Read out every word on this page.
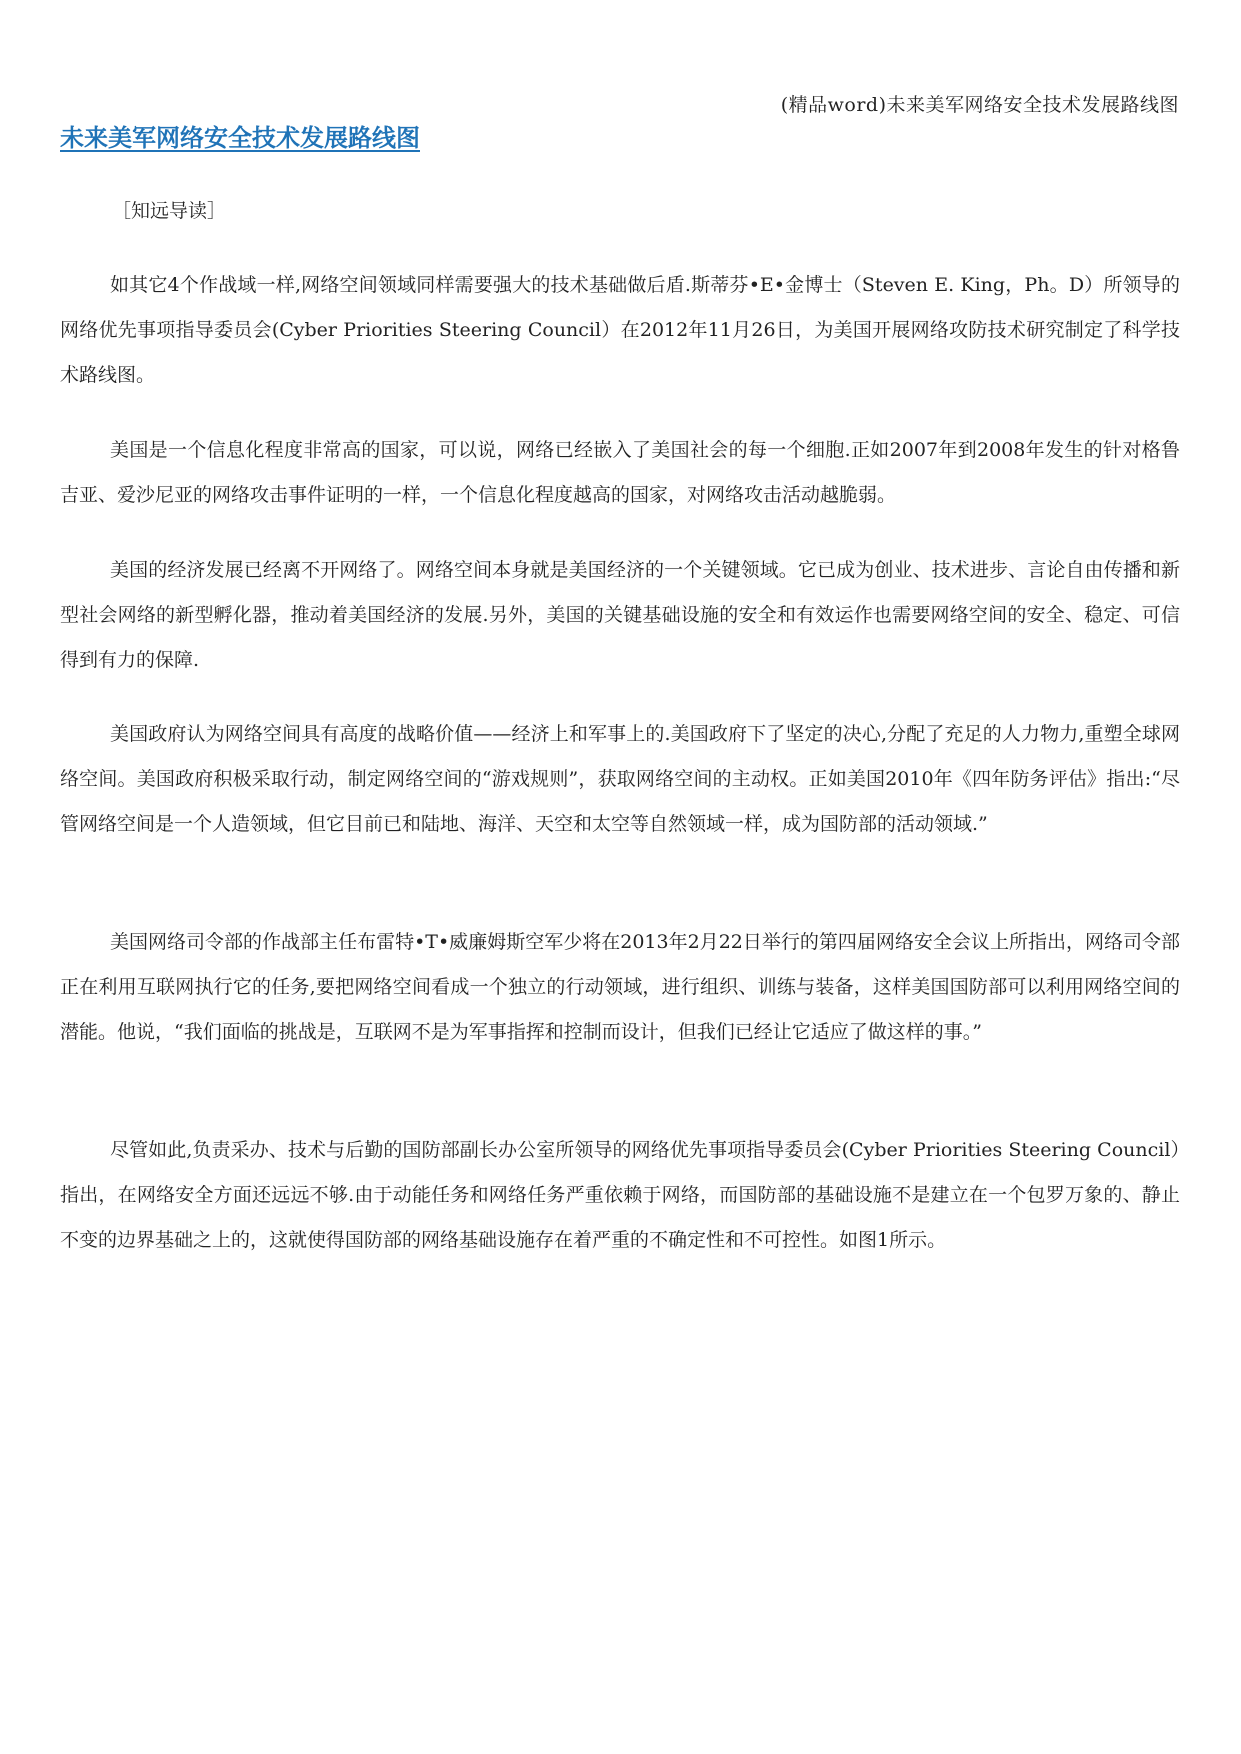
(精品word)未来美军网络安全技术发展路线图
未来美军网络安全技术发展路线图
［知远导读］

如其它4个作战域一样,网络空间领域同样需要强大的技术基础做后盾.斯蒂芬•E•金博士（Steven E. King，Ph。D）所领导的网络优先事项指导委员会(Cyber Priorities Steering Council）在2012年11月26日，为美国开展网络攻防技术研究制定了科学技术路线图。

美国是一个信息化程度非常高的国家，可以说，网络已经嵌入了美国社会的每一个细胞.正如2007年到2008年发生的针对格鲁吉亚、爱沙尼亚的网络攻击事件证明的一样，一个信息化程度越高的国家，对网络攻击活动越脆弱。

美国的经济发展已经离不开网络了。网络空间本身就是美国经济的一个关键领域。它已成为创业、技术进步、言论自由传播和新型社会网络的新型孵化器，推动着美国经济的发展.另外，美国的关键基础设施的安全和有效运作也需要网络空间的安全、稳定、可信得到有力的保障.

美国政府认为网络空间具有高度的战略价值——经济上和军事上的.美国政府下了坚定的决心,分配了充足的人力物力,重塑全球网络空间。美国政府积极采取行动，制定网络空间的“游戏规则”，获取网络空间的主动权。正如美国2010年《四年防务评估》指出:“尽管网络空间是一个人造领域，但它目前已和陆地、海洋、天空和太空等自然领域一样，成为国防部的活动领域.”

美国网络司令部的作战部主任布雷特•T•威廉姆斯空军少将在2013年2月22日举行的第四届网络安全会议上所指出，网络司令部正在利用互联网执行它的任务,要把网络空间看成一个独立的行动领域，进行组织、训练与装备，这样美国国防部可以利用网络空间的潜能。他说，“我们面临的挑战是，互联网不是为军事指挥和控制而设计，但我们已经让它适应了做这样的事。”

尽管如此,负责采办、技术与后勤的国防部副长办公室所领导的网络优先事项指导委员会(Cyber Priorities Steering Council）指出，在网络安全方面还远远不够.由于动能任务和网络任务严重依赖于网络，而国防部的基础设施不是建立在一个包罗万象的、静止不变的边界基础之上的，这就使得国防部的网络基础设施存在着严重的不确定性和不可控性。如图1所示。
